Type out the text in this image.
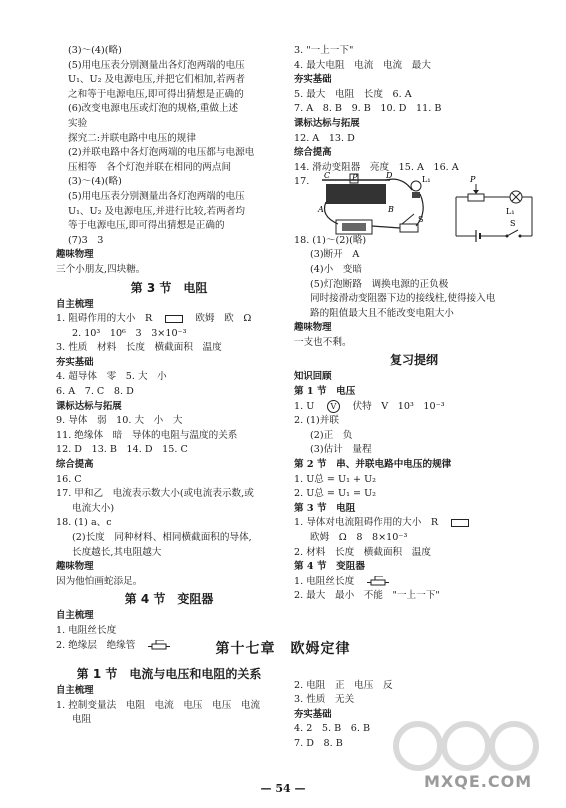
(3)～(4)(略)
(5)用电压表分别测量出各灯泡两端的电压
U₁、U₂ 及电源电压,并把它们相加,若两者
之和等于电源电压,即可得出猜想是正确的
(6)改变电源电压或灯泡的规格,重做上述
实验
探究二:并联电路中电压的规律
(2)并联电路中各灯泡两端的电压都与电源电
压相等　各个灯泡并联在相同的两点间
(3)～(4)(略)
(5)用电压表分别测量出各灯泡两端的电压
U₁、U₂ 及电源电压,并进行比较,若两者均
等于电源电压,即可得出猜想是正确的
(7)3　3
趣味物理
三个小朋友,四块糖。
第 3 节　电阻
自主梳理
1. 阻碍作用的大小　R　	　欧姆　欧　Ω
2. 10³　10⁶　3　3×10⁻³
3. 性质　材料　长度　横截面积　温度
夯实基础
4. 超导体　零　5. 大　小
6. A　7. C　8. D
课标达标与拓展
9. 导体　弱　10. 大　小　大
11. 绝缘体　暗　导体的电阻与温度的关系
12. D　13. B　14. D　15. C
综合提高
16. C
17. 甲和乙　电流表示数大小(或电流表示数,或
电流大小)
18. (1) a、c
(2)长度　同种材料、相同横截面积的导体,
长度越长,其电阻越大
趣味物理
因为他怕画蛇添足。
第 4 节　变阻器
自主梳理
1. 电阻丝长度
2. 绝缘层　绝缘管　
3. "一上一下"
4. 最大电阻　电流　电流　最大
夯实基础
5. 最大　电阻　长度　6. A
7. A　8. B　9. B　10. D　11. B
课标达标与拓展
12. A　13. D
综合提高
14. 滑动变阻器　亮度　15. A　16. A
17.

18. (1)～(2)(略)
(3)断开　A
(4)小　变暗
(5)灯泡断路　调换电源的正负极
同时接滑动变阻器下边的接线柱,使得接入电
路的阻值最大且不能改变电阻大小
趣味物理
一支也不剩。
复习提纲
知识回顾
第 1 节　电压
1. U　V　伏特　V　10³　10⁻³
2. (1)并联
(2)正　负
(3)估计　量程
第 2 节　串、并联电路中电压的规律
1. U总 = U₁ + U₂
2. U总 = U₁ = U₂
第 3 节　电阻
1. 导体对电流阻碍作用的大小　R　
欧姆　Ω　8　8×10⁻³
2. 材料　长度　横截面积　温度
第 4 节　变阻器
1. 电阻丝长度　
2. 最大　最小　不能　"一上一下"
第十七章　欧姆定律
第 1 节　电流与电压和电阻的关系
自主梳理
1. 控制变量法　电阻　电流　电压　电压　电流
电阻

2. 电阻　正　电压　反
3. 性质　无关
夯实基础
4. 2　5. B　6. B
7. D　8. B
C	P	D
A	B
L₁
S
P
L₁
S
MXQE.COM
— 54 —
